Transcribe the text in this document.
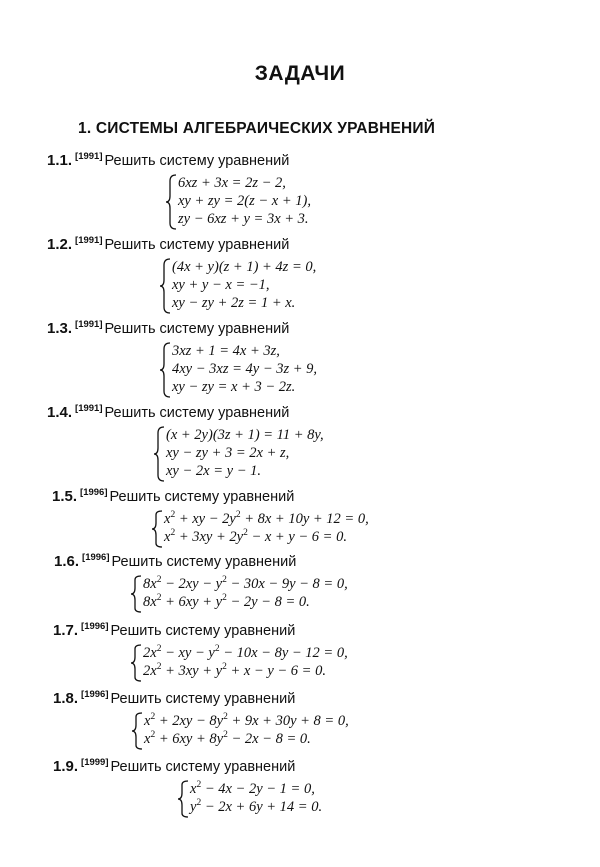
ЗАДАЧИ
1. СИСТЕМЫ АЛГЕБРАИЧЕСКИХ УРАВНЕНИЙ
1.1. [1991] Решить систему уравнений
6xz + 3x = 2z − 2,
xy + zy = 2(z − x + 1),
zy − 6xz + y = 3x + 3.
1.2. [1991] Решить систему уравнений
(4x + y)(z + 1) + 4z = 0,
xy + y − x = −1,
xy − zy + 2z = 1 + x.
1.3. [1991] Решить систему уравнений
3xz + 1 = 4x + 3z,
4xy − 3xz = 4y − 3z + 9,
xy − zy = x + 3 − 2z.
1.4. [1991] Решить систему уравнений
(x + 2y)(3z + 1) = 11 + 8y,
xy − zy + 3 = 2x + z,
xy − 2x = y − 1.
1.5. [1996] Решить систему уравнений
$x^2$ + xy − $2y^2 + 8x + 10y + 12 = 0$,
$x^2 + 3xy + 2y^2 - x + y - 6 = 0$.
1.6. [1996] Решить систему уравнений
$8x^2 - 2xy - y^2 - 30x - 9y - 8 = 0$,
$8x^2 + 6xy + y^2 - 2y - 8 = 0$.
1.7. [1996] Решить систему уравнений
$2x^2$ − xy − $y^2 - 10x - 8y - 12 = 0$,
$2x^2 + 3xy + y^2 + x - y - 6 = 0$.
1.8. [1996] Решить систему уравнений
$x^2 + 2xy - 8y^2 + 9x + 30y + 8 = 0$,
$x^2 + 6xy + 8y^2 - 2x - 8 = 0$.
1.9. [1999] Решить систему уравнений
$x^2 - 4x - 2y - 1 = 0$,
$y^2 - 2x + 6y + 14 = 0$.
